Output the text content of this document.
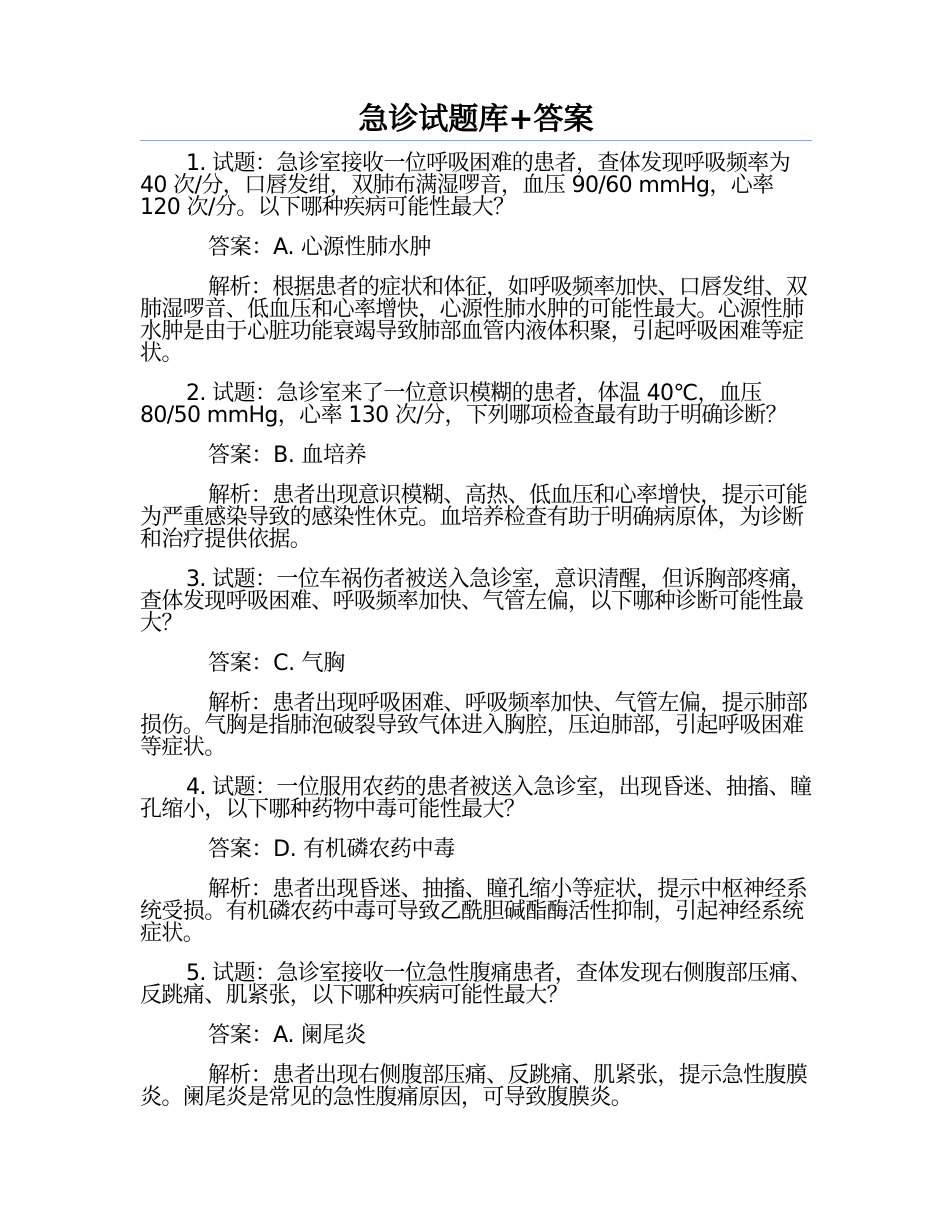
急诊试题库+答案

1. 试题：急诊室接收一位呼吸困难的患者，查体发现呼吸频率为 40 次/分，口唇发绀，双肺布满湿啰音，血压 90/60 mmHg，心率 120 次/分。以下哪种疾病可能性最大？

答案：A. 心源性肺水肿

解析：根据患者的症状和体征，如呼吸频率加快、口唇发绀、双肺湿啰音、低血压和心率增快，心源性肺水肿的可能性最大。心源性肺水肿是由于心脏功能衰竭导致肺部血管内液体积聚，引起呼吸困难等症状。

2. 试题：急诊室来了一位意识模糊的患者，体温 40℃，血压 80/50 mmHg，心率 130 次/分，下列哪项检查最有助于明确诊断？

答案：B. 血培养

解析：患者出现意识模糊、高热、低血压和心率增快，提示可能为严重感染导致的感染性休克。血培养检查有助于明确病原体，为诊断和治疗提供依据。

3. 试题：一位车祸伤者被送入急诊室，意识清醒，但诉胸部疼痛，查体发现呼吸困难、呼吸频率加快、气管左偏，以下哪种诊断可能性最大？

答案：C. 气胸

解析：患者出现呼吸困难、呼吸频率加快、气管左偏，提示肺部损伤。气胸是指肺泡破裂导致气体进入胸腔，压迫肺部，引起呼吸困难等症状。

4. 试题：一位服用农药的患者被送入急诊室，出现昏迷、抽搐、瞳孔缩小，以下哪种药物中毒可能性最大？

答案：D. 有机磷农药中毒

解析：患者出现昏迷、抽搐、瞳孔缩小等症状，提示中枢神经系统受损。有机磷农药中毒可导致乙酰胆碱酯酶活性抑制，引起神经系统症状。

5. 试题：急诊室接收一位急性腹痛患者，查体发现右侧腹部压痛、反跳痛、肌紧张，以下哪种疾病可能性最大？

答案：A. 阑尾炎

解析：患者出现右侧腹部压痛、反跳痛、肌紧张，提示急性腹膜炎。阑尾炎是常见的急性腹痛原因，可导致腹膜炎。
